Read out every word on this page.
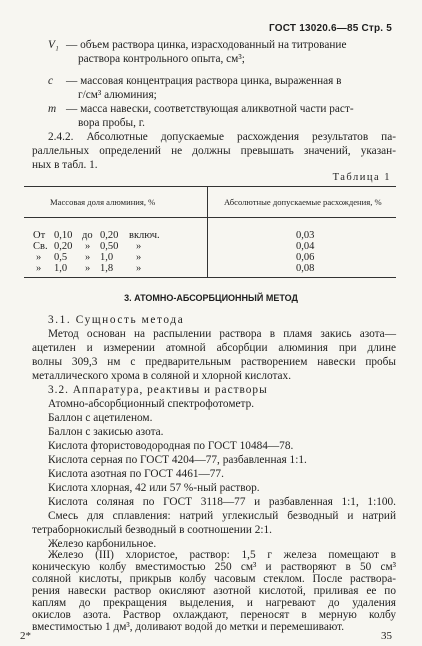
ГОСТ 13020.6—85 Стр. 5
V₁ — объем раствора цинка, израсходованный на титрование
раствора контрольного опыта, см³;
c — массовая концентрация раствора цинка, выраженная в
г/см³ алюминия;
m — масса навески, соответствующая аликвотной части раст-
вора пробы, г.
2.4.2. Абсолютные допускаемые расхождения результатов па-
раллельных определений не должны превышать значений, указан-
ных в табл. 1.
Таблица 1
Массовая доля алюминия, %	Абсолютные допускаемые расхождения, %
От 0,10 до 0,20 включ.	0,03
Св. 0,20 » 0,50 »	0,04
» 0,5 » 1,0 »	0,06
» 1,0 » 1,8 »	0,08
3. АТОМНО-АБСОРБЦИОННЫЙ МЕТОД
3.1. Сущность метода
Метод основан на распылении раствора в пламя закись азота—
ацетилен и измерении атомной абсорбции алюминия при длине
волны 309,3 нм с предварительным растворением навески пробы
металлического хрома в соляной и хлорной кислотах.
3.2. Аппаратура, реактивы и растворы
Атомно-абсорбционный спектрофотометр.
Баллон с ацетиленом.
Баллон с закисью азота.
Кислота фтористоводородная по ГОСТ 10484—78.
Кислота серная по ГОСТ 4204—77, разбавленная 1:1.
Кислота азотная по ГОСТ 4461—77.
Кислота хлорная, 42 или 57 %-ный раствор.
Кислота соляная по ГОСТ 3118—77 и разбавленная 1:1, 1:100.
Смесь для сплавления: натрий углекислый безводный и натрий
тетраборнокислый безводный в соотношении 2:1.
Железо карбонильное.
Железо (III) хлористое, раствор: 1,5 г железа помещают в
коническую колбу вместимостью 250 см³ и растворяют в 50 см³
соляной кислоты, прикрыв колбу часовым стеклом. После раствора-
рения навески раствор окисляют азотной кислотой, приливая ее по
каплям до прекращения выделения, и нагревают до удаления
окислов азота. Раствор охлаждают, переносят в мерную колбу
вместимостью 1 дм³, доливают водой до метки и перемешивают.
2*	35
